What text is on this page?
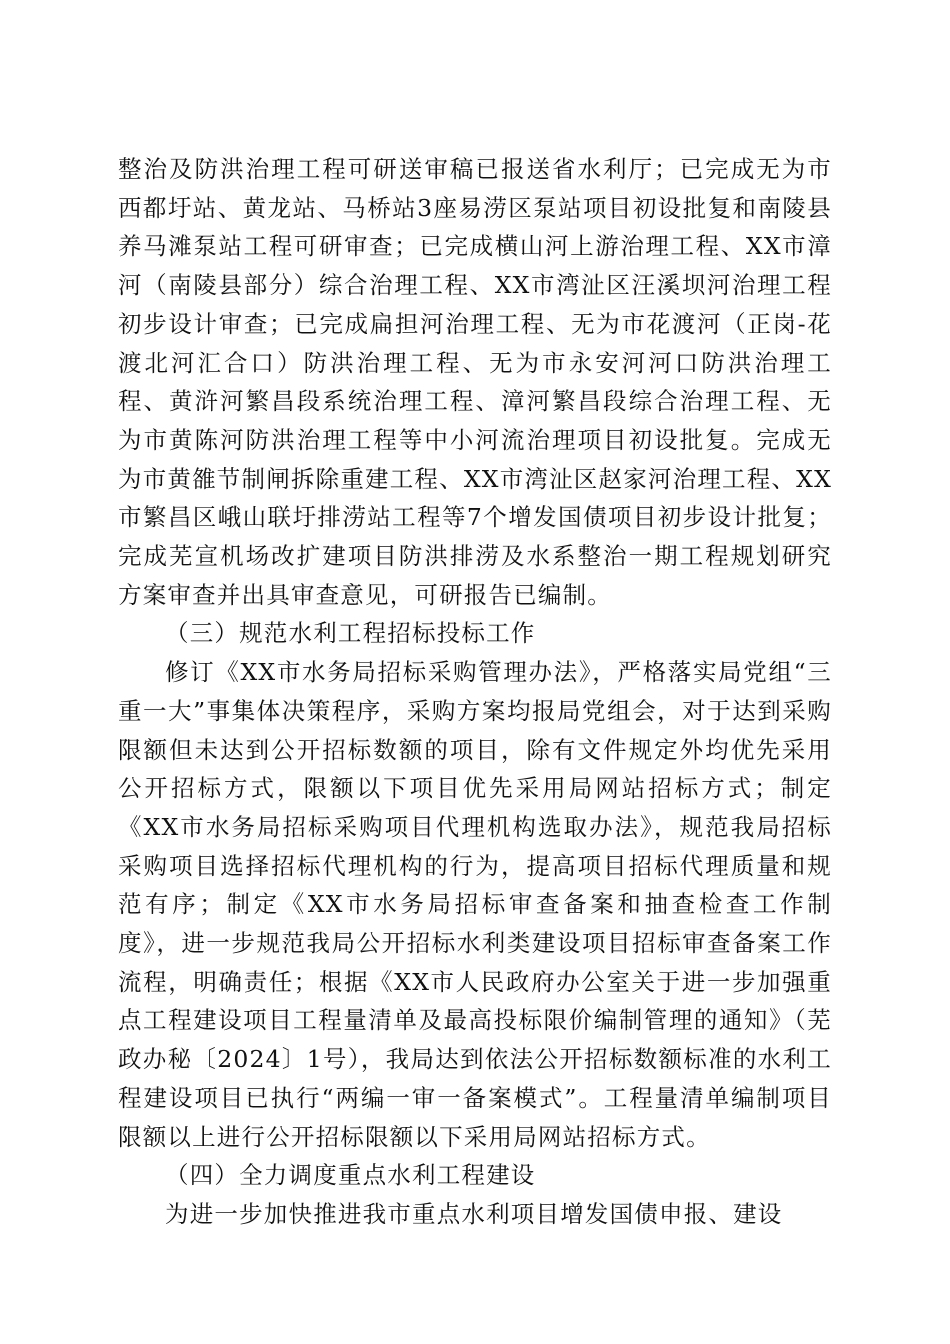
整治及防洪治理工程可研送审稿已报送省水利厅；已完成无为市西都圩站、黄龙站、马桥站3座易涝区泵站项目初设批复和南陵县养马滩泵站工程可研审查；已完成横山河上游治理工程、XX市漳河（南陵县部分）综合治理工程、XX市湾沚区汪溪坝河治理工程初步设计审查；已完成扁担河治理工程、无为市花渡河（正岗-花渡北河汇合口）防洪治理工程、无为市永安河河口防洪治理工程、黄浒河繁昌段系统治理工程、漳河繁昌段综合治理工程、无为市黄陈河防洪治理工程等中小河流治理项目初设批复。完成无为市黄雒节制闸拆除重建工程、XX市湾沚区赵家河治理工程、XX市繁昌区峨山联圩排涝站工程等7个增发国债项目初步设计批复；完成芜宣机场改扩建项目防洪排涝及水系整治一期工程规划研究方案审查并出具审查意见，可研报告已编制。

（三）规范水利工程招标投标工作

修订《XX市水务局招标采购管理办法》，严格落实局党组“三重一大”事集体决策程序，采购方案均报局党组会，对于达到采购限额但未达到公开招标数额的项目，除有文件规定外均优先采用公开招标方式，限额以下项目优先采用局网站招标方式；制定《XX市水务局招标采购项目代理机构选取办法》，规范我局招标采购项目选择招标代理机构的行为，提高项目招标代理质量和规范有序；制定《XX市水务局招标审查备案和抽查检查工作制度》，进一步规范我局公开招标水利类建设项目招标审查备案工作流程，明确责任；根据《XX市人民政府办公室关于进一步加强重点工程建设项目工程量清单及最高投标限价编制管理的通知》（芜政办秘〔2024〕1号），我局达到依法公开招标数额标准的水利工程建设项目已执行“两编一审一备案模式”。工程量清单编制项目限额以上进行公开招标限额以下采用局网站招标方式。

（四）全力调度重点水利工程建设

为进一步加快推进我市重点水利项目增发国债申报、建设
